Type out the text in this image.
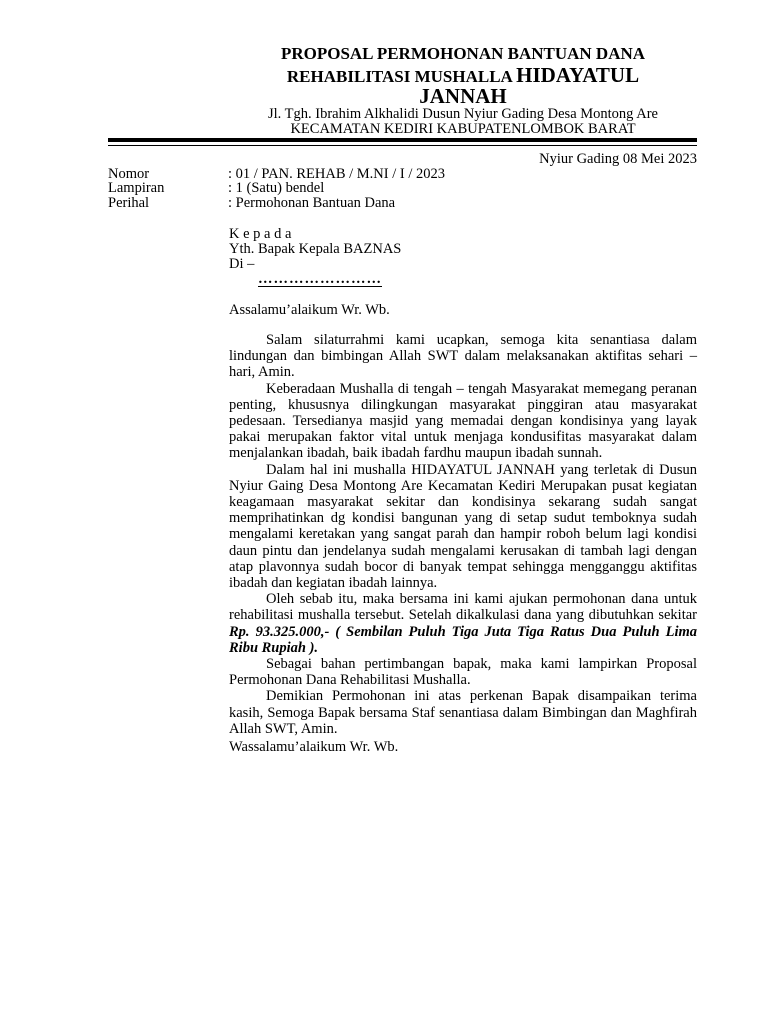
PROPOSAL PERMOHONAN BANTUAN DANA
REHABILITASI MUSHALLA HIDAYATUL
JANNAH
Jl. Tgh. Ibrahim Alkhalidi Dusun Nyiur Gading Desa Montong Are
KECAMATAN KEDIRI KABUPATENLOMBOK BARAT
Nyiur Gading 08 Mei 2023
Nomor	: 01 / PAN. REHAB / M.NI / I / 2023
Lampiran	: 1 (Satu) bendel
Perihal	: Permohonan Bantuan Dana
K e p a d a
Yth. Bapak Kepala BAZNAS
Di –
……………………
Assalamu’alaikum Wr. Wb.

Salam silaturrahmi kami ucapkan, semoga kita senantiasa dalam lindungan dan bimbingan Allah SWT dalam melaksanakan aktifitas sehari – hari, Amin.

Keberadaan Mushalla di tengah – tengah Masyarakat memegang peranan penting, khususnya dilingkungan masyarakat pinggiran atau masyarakat pedesaan. Tersedianya masjid yang memadai dengan kondisinya yang layak pakai merupakan faktor vital untuk menjaga kondusifitas masyarakat dalam menjalankan ibadah, baik ibadah fardhu maupun ibadah sunnah.

Dalam hal ini mushalla HIDAYATUL JANNAH yang terletak di Dusun Nyiur Gaing Desa Montong Are Kecamatan Kediri Merupakan pusat kegiatan keagamaan masyarakat sekitar dan kondisinya sekarang sudah sangat memprihatinkan dg kondisi bangunan yang di setap sudut temboknya sudah mengalami keretakan yang sangat parah dan hampir roboh belum lagi kondisi daun pintu dan jendelanya sudah mengalami kerusakan di tambah lagi dengan atap plavonnya sudah bocor di banyak tempat sehingga mengganggu aktifitas ibadah dan kegiatan ibadah lainnya.

Oleh sebab itu, maka bersama ini kami ajukan permohonan dana untuk rehabilitasi mushalla tersebut. Setelah dikalkulasi dana yang dibutuhkan sekitar Rp. 93.325.000,- ( Sembilan Puluh Tiga Juta Tiga Ratus Dua Puluh Lima Ribu Rupiah ).

Sebagai bahan pertimbangan bapak, maka kami lampirkan Proposal Permohonan Dana Rehabilitasi Mushalla.

Demikian Permohonan ini atas perkenan Bapak disampaikan terima kasih, Semoga Bapak bersama Staf senantiasa dalam Bimbingan dan Maghfirah Allah SWT, Amin.

Wassalamu’alaikum Wr. Wb.
